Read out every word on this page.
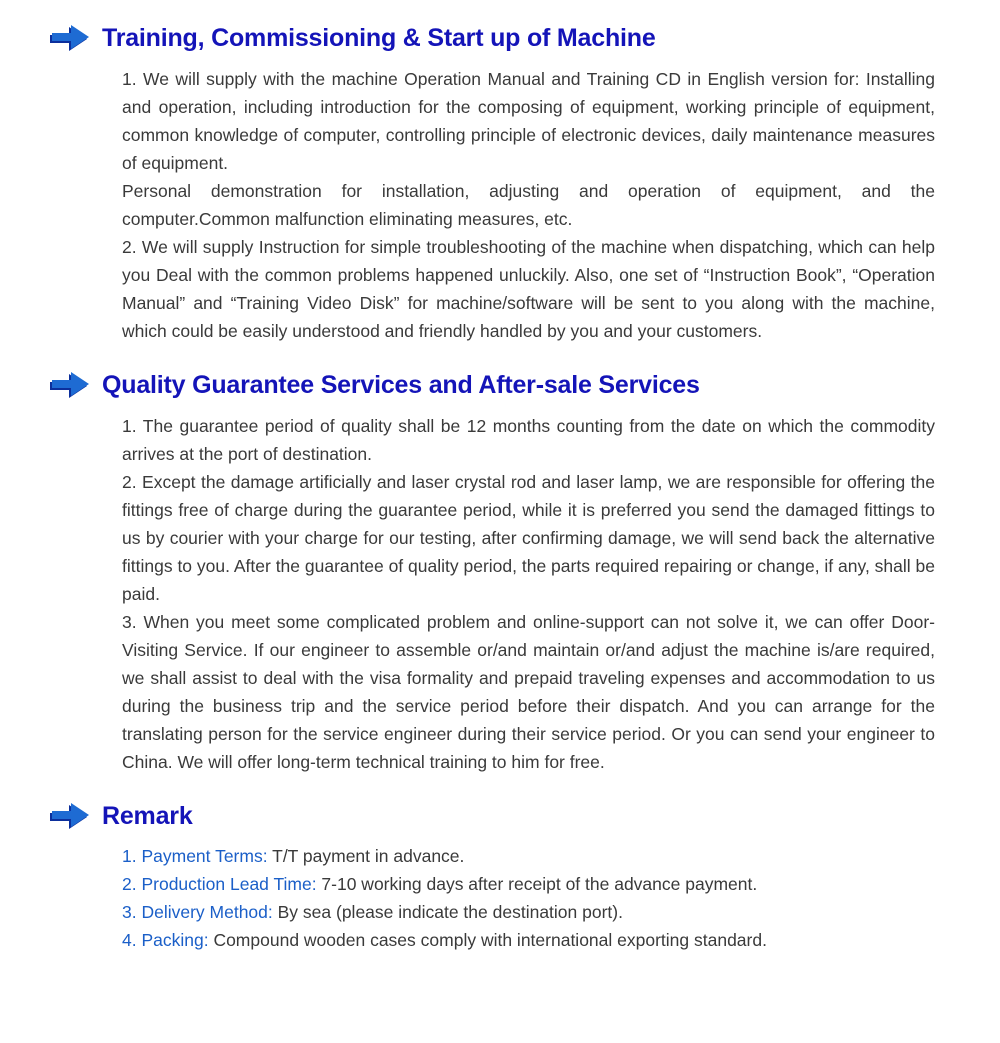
Training, Commissioning & Start up of Machine

1. We will supply with the machine Operation Manual and Training CD in English version for: Installing and operation, including introduction for the composing of equipment, working principle of equipment, common knowledge of computer, controlling principle of electronic devices, daily maintenance measures of equipment.

Personal demonstration for installation, adjusting and operation of equipment, and the computer.Common malfunction eliminating measures, etc.

2. We will supply Instruction for simple troubleshooting of the machine when dispatching, which can help you Deal with the common problems happened unluckily. Also, one set of “Instruction Book”, “Operation Manual” and “Training Video Disk” for machine/software will be sent to you along with the machine, which could be easily understood and friendly handled by you and your customers.

Quality Guarantee Services and After-sale Services

1. The guarantee period of quality shall be 12 months counting from the date on which the commodity arrives at the port of destination.

2. Except the damage artificially and laser crystal rod and laser lamp, we are responsible for offering the fittings free of charge during the guarantee period, while it is preferred you send the damaged fittings to us by courier with your charge for our testing, after confirming damage, we will send back the alternative fittings to you. After the guarantee of quality period, the parts required repairing or change, if any, shall be paid.

3. When you meet some complicated problem and online-support can not solve it, we can offer Door-Visiting Service. If our engineer to assemble or/and maintain or/and adjust the machine is/are required, we shall assist to deal with the visa formality and prepaid traveling expenses and accommodation to us during the business trip and the service period before their dispatch. And you can arrange for the translating person for the service engineer during their service period. Or you can send your engineer to China. We will offer long-term technical training to him for free.

Remark

1. Payment Terms: T/T payment in advance.

2. Production Lead Time: 7-10 working days after receipt of the advance payment.

3. Delivery Method: By sea (please indicate the destination port).

4. Packing: Compound wooden cases comply with international exporting standard.
